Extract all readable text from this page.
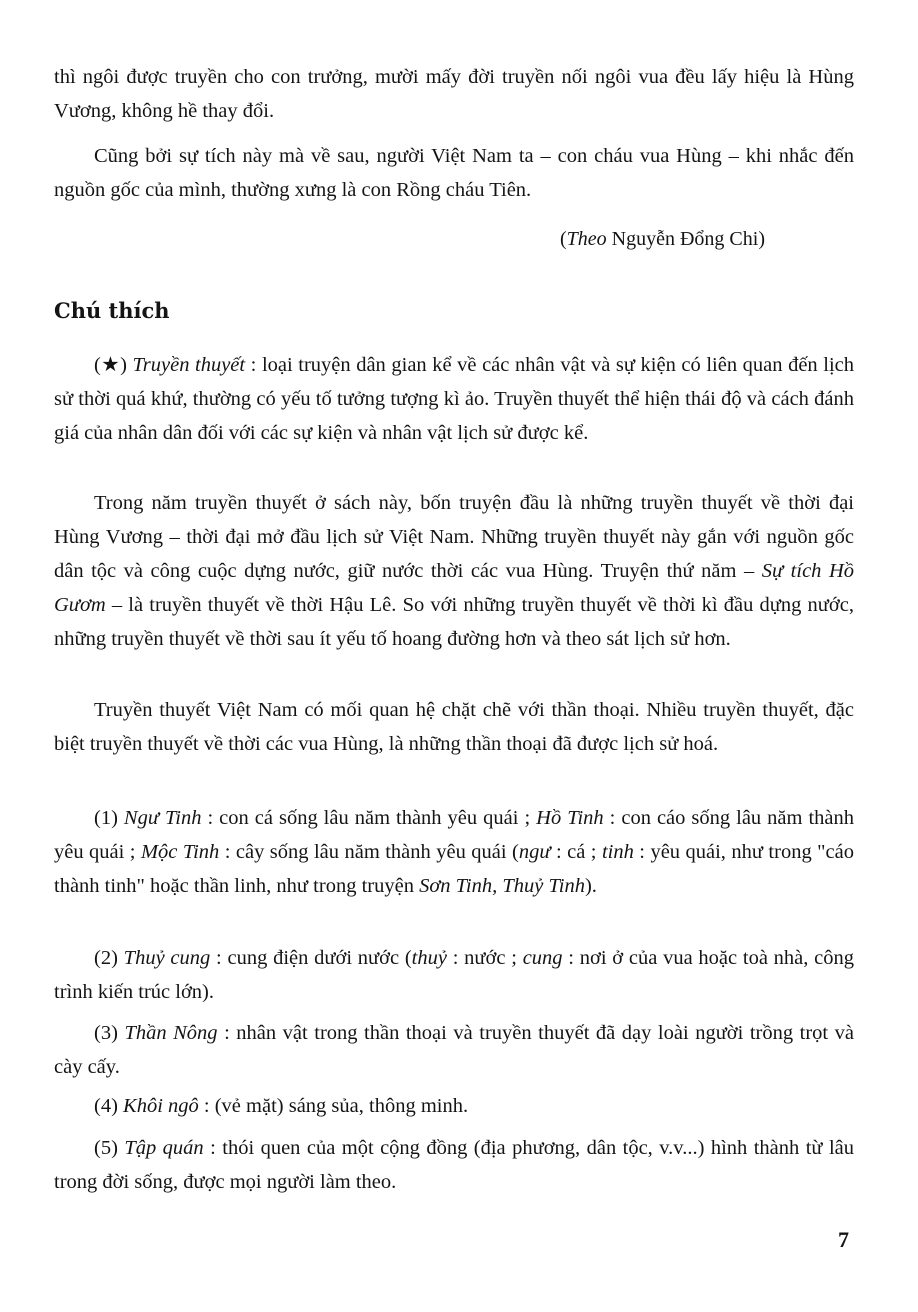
thì ngôi được truyền cho con trưởng, mười mấy đời truyền nối ngôi vua đều lấy hiệu là Hùng Vương, không hề thay đổi.

Cũng bởi sự tích này mà về sau, người Việt Nam ta – con cháu vua Hùng – khi nhắc đến nguồn gốc của mình, thường xưng là con Rồng cháu Tiên.

(Theo Nguyễn Đổng Chi)

Chú thích

(★) Truyền thuyết : loại truyện dân gian kể về các nhân vật và sự kiện có liên quan đến lịch sử thời quá khứ, thường có yếu tố tưởng tượng kì ảo. Truyền thuyết thể hiện thái độ và cách đánh giá của nhân dân đối với các sự kiện và nhân vật lịch sử được kể.

Trong năm truyền thuyết ở sách này, bốn truyện đầu là những truyền thuyết về thời đại Hùng Vương – thời đại mở đầu lịch sử Việt Nam. Những truyền thuyết này gắn với nguồn gốc dân tộc và công cuộc dựng nước, giữ nước thời các vua Hùng. Truyện thứ năm – Sự tích Hồ Gươm – là truyền thuyết về thời Hậu Lê. So với những truyền thuyết về thời kì đầu dựng nước, những truyền thuyết về thời sau ít yếu tố hoang đường hơn và theo sát lịch sử hơn.

Truyền thuyết Việt Nam có mối quan hệ chặt chẽ với thần thoại. Nhiều truyền thuyết, đặc biệt truyền thuyết về thời các vua Hùng, là những thần thoại đã được lịch sử hoá.

(1) Ngư Tinh : con cá sống lâu năm thành yêu quái ; Hồ Tinh : con cáo sống lâu năm thành yêu quái ; Mộc Tinh : cây sống lâu năm thành yêu quái (ngư : cá ; tinh : yêu quái, như trong "cáo thành tinh" hoặc thần linh, như trong truyện Sơn Tinh, Thuỷ Tinh).

(2) Thuỷ cung : cung điện dưới nước (thuỷ : nước ; cung : nơi ở của vua hoặc toà nhà, công trình kiến trúc lớn).

(3) Thần Nông : nhân vật trong thần thoại và truyền thuyết đã dạy loài người trồng trọt và cày cấy.

(4) Khôi ngô : (vẻ mặt) sáng sủa, thông minh.

(5) Tập quán : thói quen của một cộng đồng (địa phương, dân tộc, v.v...) hình thành từ lâu trong đời sống, được mọi người làm theo.

7
